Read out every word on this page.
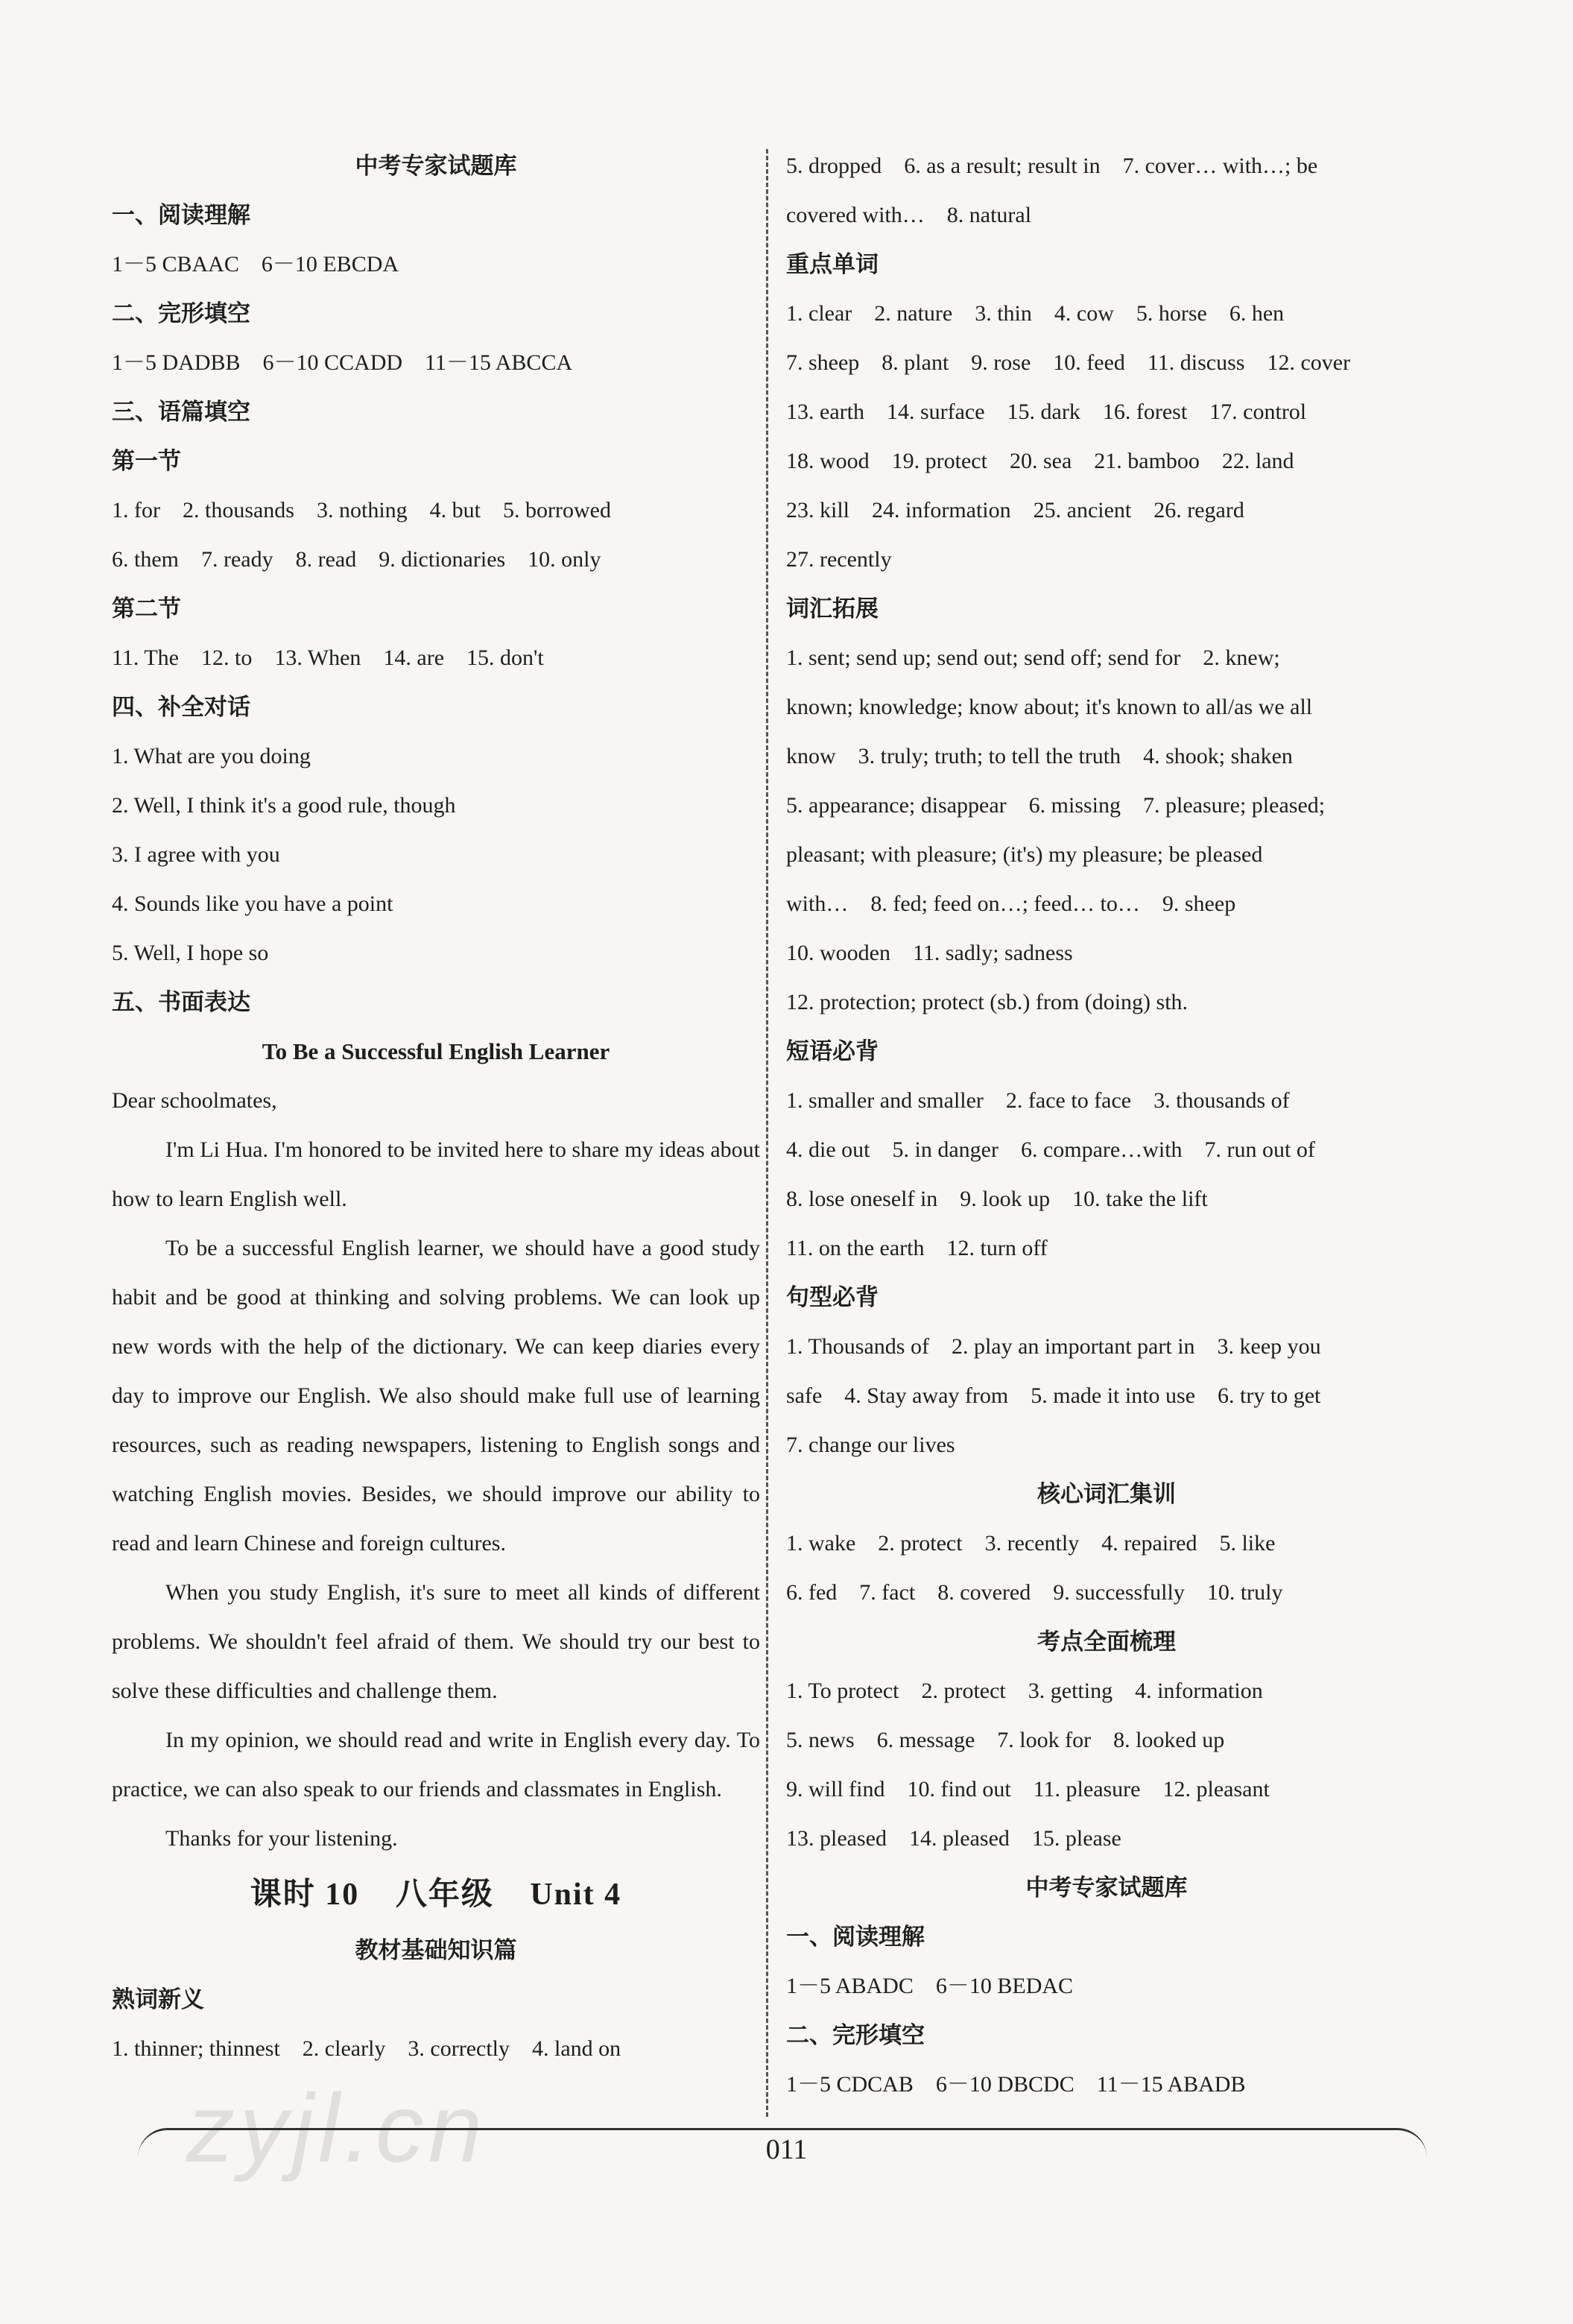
中考专家试题库
一、阅读理解
1－5 CBAAC　6－10 EBCDA
二、完形填空
1－5 DADBB　6－10 CCADD　11－15 ABCCA
三、语篇填空
第一节
1. for　2. thousands　3. nothing　4. but　5. borrowed
6. them　7. ready　8. read　9. dictionaries　10. only
第二节
11. The　12. to　13. When　14. are　15. don't
四、补全对话
1. What are you doing
2. Well, I think it's a good rule, though
3. I agree with you
4. Sounds like you have a point
5. Well, I hope so
五、书面表达
To Be a Successful English Learner
Dear schoolmates,
I'm Li Hua. I'm honored to be invited here to share my ideas about how to learn English well.
To be a successful English learner, we should have a good study habit and be good at thinking and solving problems. We can look up new words with the help of the dictionary. We can keep diaries every day to improve our English. We also should make full use of learning resources, such as reading newspapers, listening to English songs and watching English movies. Besides, we should improve our ability to read and learn Chinese and foreign cultures.
When you study English, it's sure to meet all kinds of different problems. We shouldn't feel afraid of them. We should try our best to solve these difficulties and challenge them.
In my opinion, we should read and write in English every day. To practice, we can also speak to our friends and classmates in English.
Thanks for your listening.
课时 10 八年级 Unit 4
教材基础知识篇
熟词新义
1. thinner; thinnest　2. clearly　3. correctly　4. land on
5. dropped　6. as a result; result in　7. cover… with…; be
covered with…　8. natural
重点单词
1. clear　2. nature　3. thin　4. cow　5. horse　6. hen
7. sheep　8. plant　9. rose　10. feed　11. discuss　12. cover
13. earth　14. surface　15. dark　16. forest　17. control
18. wood　19. protect　20. sea　21. bamboo　22. land
23. kill　24. information　25. ancient　26. regard
27. recently
词汇拓展
1. sent; send up; send out; send off; send for　2. knew;
known; knowledge; know about; it's known to all/as we all
know　3. truly; truth; to tell the truth　4. shook; shaken
5. appearance; disappear　6. missing　7. pleasure; pleased;
pleasant; with pleasure; (it's) my pleasure; be pleased
with…　8. fed; feed on…; feed… to…　9. sheep
10. wooden　11. sadly; sadness
12. protection; protect (sb.) from (doing) sth.
短语必背
1. smaller and smaller　2. face to face　3. thousands of
4. die out　5. in danger　6. compare…with　7. run out of
8. lose oneself in　9. look up　10. take the lift
11. on the earth　12. turn off
句型必背
1. Thousands of　2. play an important part in　3. keep you
safe　4. Stay away from　5. made it into use　6. try to get
7. change our lives
核心词汇集训
1. wake　2. protect　3. recently　4. repaired　5. like
6. fed　7. fact　8. covered　9. successfully　10. truly
考点全面梳理
1. To protect　2. protect　3. getting　4. information
5. news　6. message　7. look for　8. looked up
9. will find　10. find out　11. pleasure　12. pleasant
13. pleased　14. pleased　15. please
中考专家试题库
一、阅读理解
1－5 ABADC　6－10 BEDAC
二、完形填空
1－5 CDCAB　6－10 DBCDC　11－15 ABADB
zyjl.cn	011
